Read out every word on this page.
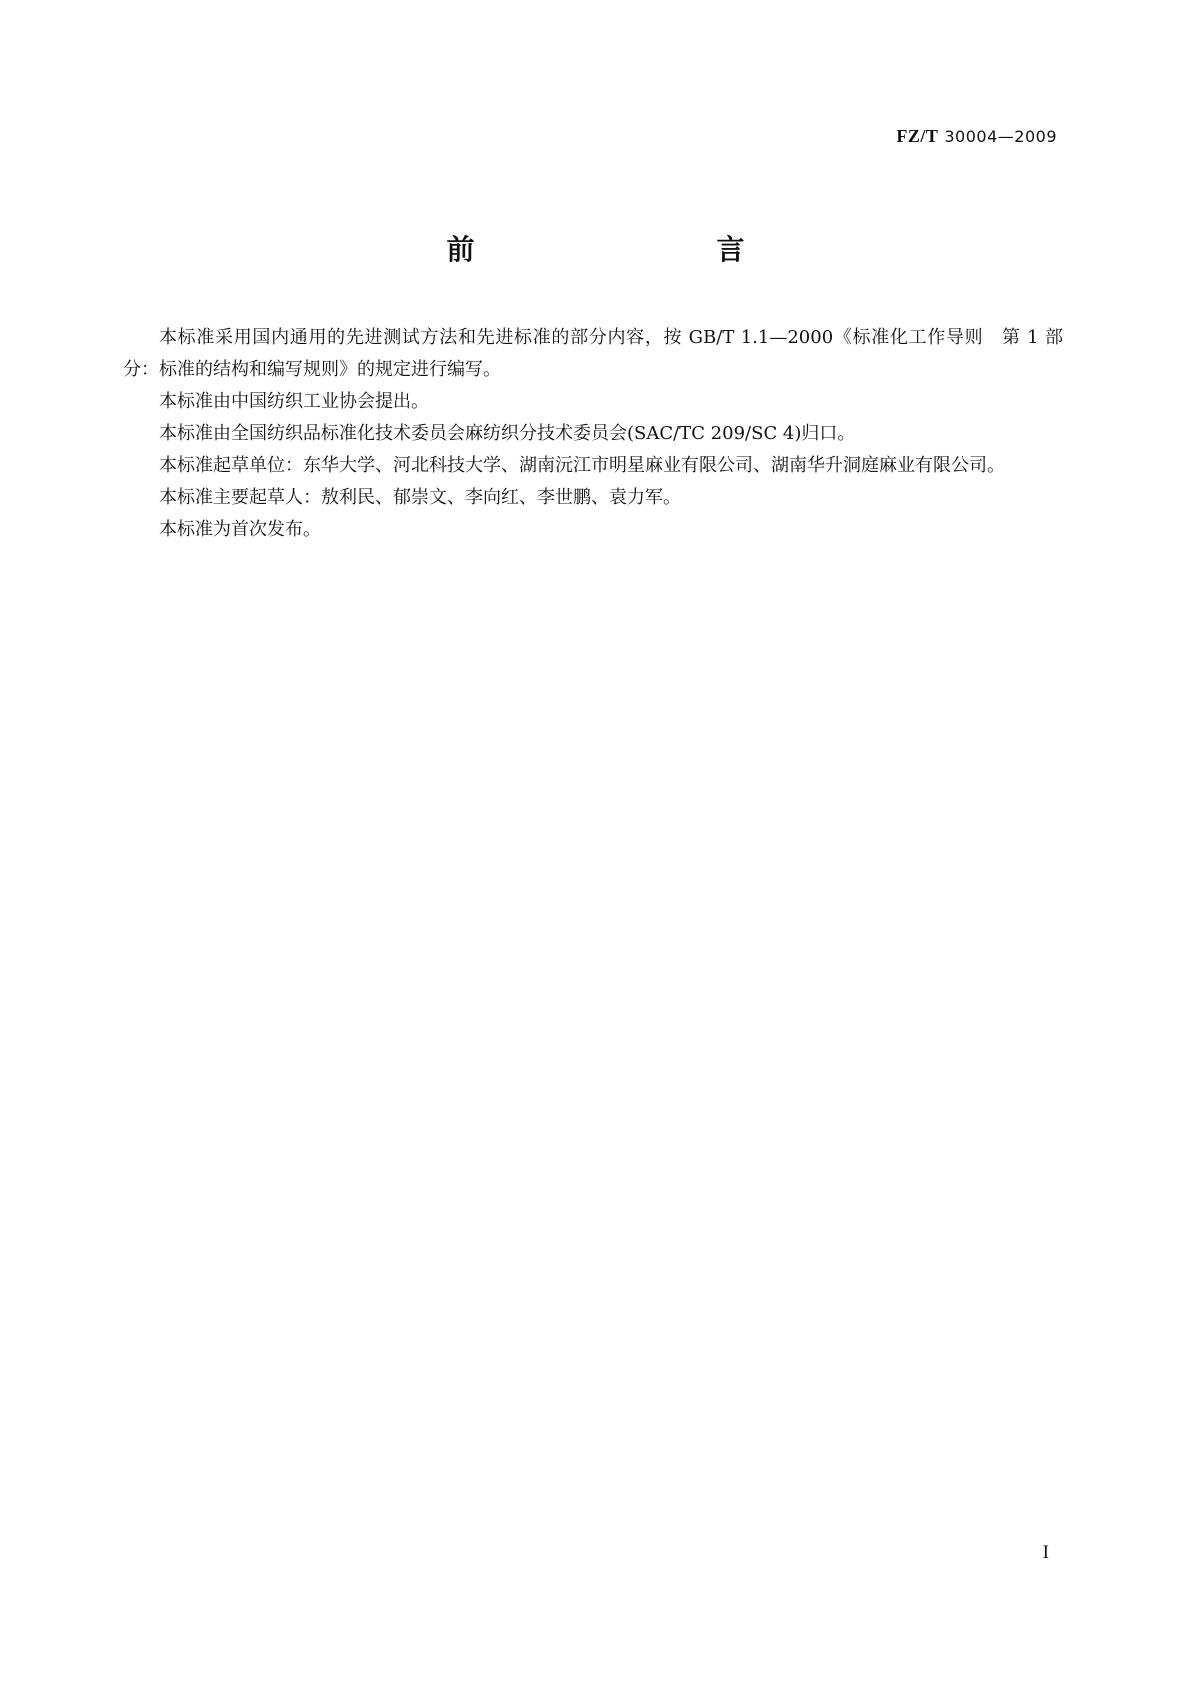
FZ/T 30004—2009
前　　言

本标准采用国内通用的先进测试方法和先进标准的部分内容，按 GB/T 1.1—2000《标准化工作导则　第 1 部分：标准的结构和编写规则》的规定进行编写。

本标准由中国纺织工业协会提出。

本标准由全国纺织品标准化技术委员会麻纺织分技术委员会(SAC/TC 209/SC 4)归口。

本标准起草单位：东华大学、河北科技大学、湖南沅江市明星麻业有限公司、湖南华升洞庭麻业有限公司。

本标准主要起草人：敖利民、郁崇文、李向红、李世鹏、袁力军。

本标准为首次发布。

I
